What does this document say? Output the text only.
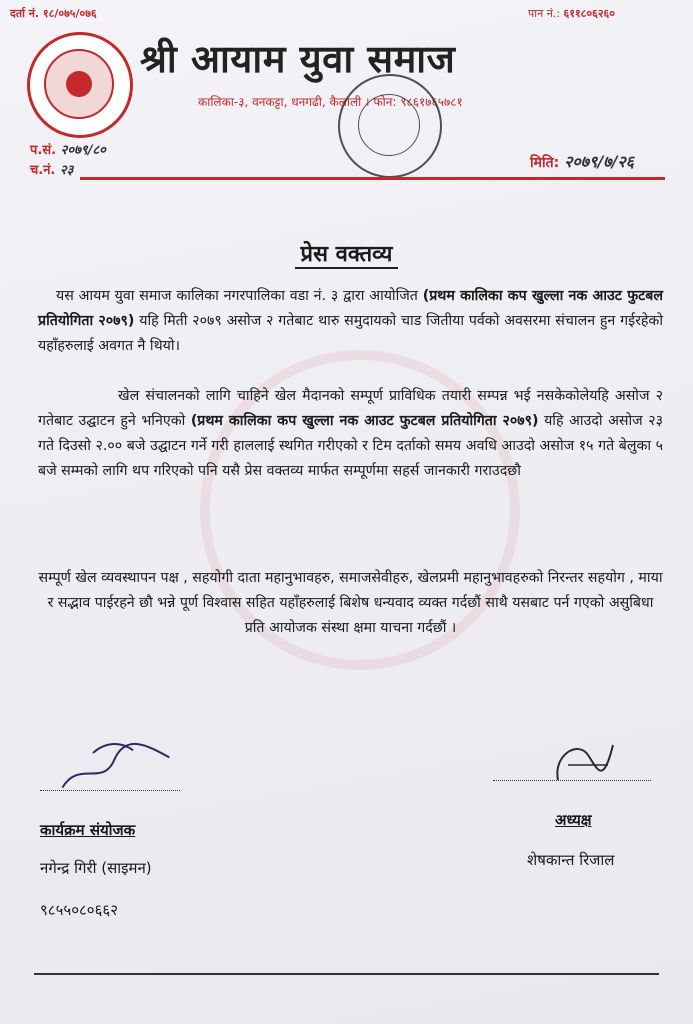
दर्ता नं. १८/०७५/०७६	पान नं.: ६११८०६२६०
श्री आयाम युवा समाज
कालिका-३, वनकट्टा, धनगढी, कैलाली । फोन: ९८६१७६५७८१
प.सं. २०७९/८०
च.नं. २३	मिति: २०७९/७/२६
प्रेस वक्तव्य
यस आयम युवा समाज कालिका नगरपालिका वडा नं. ३ द्वारा आयोजित (प्रथम कालिका कप खुल्ला नक आउट फुटबल प्रतियोगिता २०७९) यहि मिती २०७९ असोज २ गतेबाट थारु समुदायको चाड जितीया पर्वको अवसरमा संचालन हुन गईरहेको यहाँहरुलाई अवगत नै थियो।
खेल संचालनको लागि चाहिने खेल मैदानको सम्पूर्ण प्राविधिक तयारी सम्पन्न भई नसकेकोलेयहि असोज २ गतेबाट उद्घाटन हुने भनिएको (प्रथम कालिका कप खुल्ला नक आउट फुटबल प्रतियोगिता २०७९) यहि आउदो असोज २३ गते दिउसो २.०० बजे उद्घाटन गर्ने गरी हाललाई स्थगित गरीएको र टिम दर्ताको समय अवधि आउदो असोज १५ गते बेलुका ५ बजे सम्मको लागि थप गरिएको पनि यसै प्रेस वक्तव्य मार्फत सम्पूर्णमा सहर्स जानकारी गराउदछौ
सम्पूर्ण खेल व्यवस्थापन पक्ष , सहयोगी दाता महानुभावहरु, समाजसेवीहरु, खेलप्रमी महानुभावहरुको निरन्तर सहयोग , माया र सद्भाव पाईरहने छौ भन्ने पूर्ण विश्वास सहित यहाँहरुलाई बिशेष धन्यवाद व्यक्त गर्दछौं साथै यसबाट पर्न गएको असुबिधा प्रति आयोजक संस्था क्षमा याचना गर्दछौं ।
कार्यक्रम संयोजक
नगेन्द्र गिरी (साइमन)
९८५५०८०६६२
अध्यक्ष
शेषकान्त रिजाल
